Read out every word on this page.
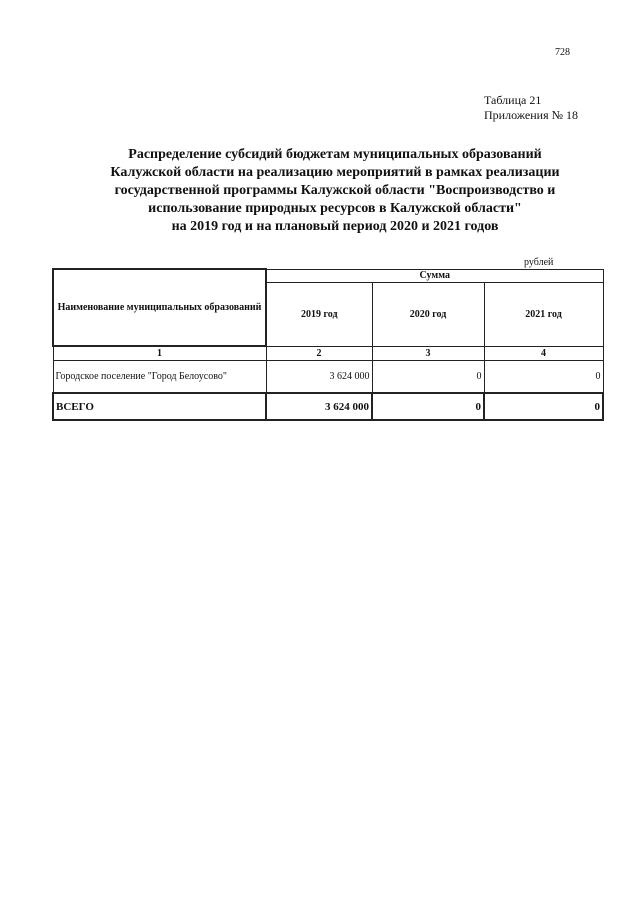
728
Таблица 21
Приложения № 18
Распределение субсидий бюджетам муниципальных образований
Калужской области на реализацию мероприятий в рамках реализации
государственной программы Калужской области "Воспроизводство и
использование природных ресурсов в Калужской области"
на 2019 год и на плановый период 2020 и 2021 годов
рублей
Наименование муниципальных образований	Сумма		
	2019 год	2020 год	2021 год
1	2	3	4
Городское поселение "Город Белоусово"	3 624 000	0	0
ВСЕГО	3 624 000	0	0
